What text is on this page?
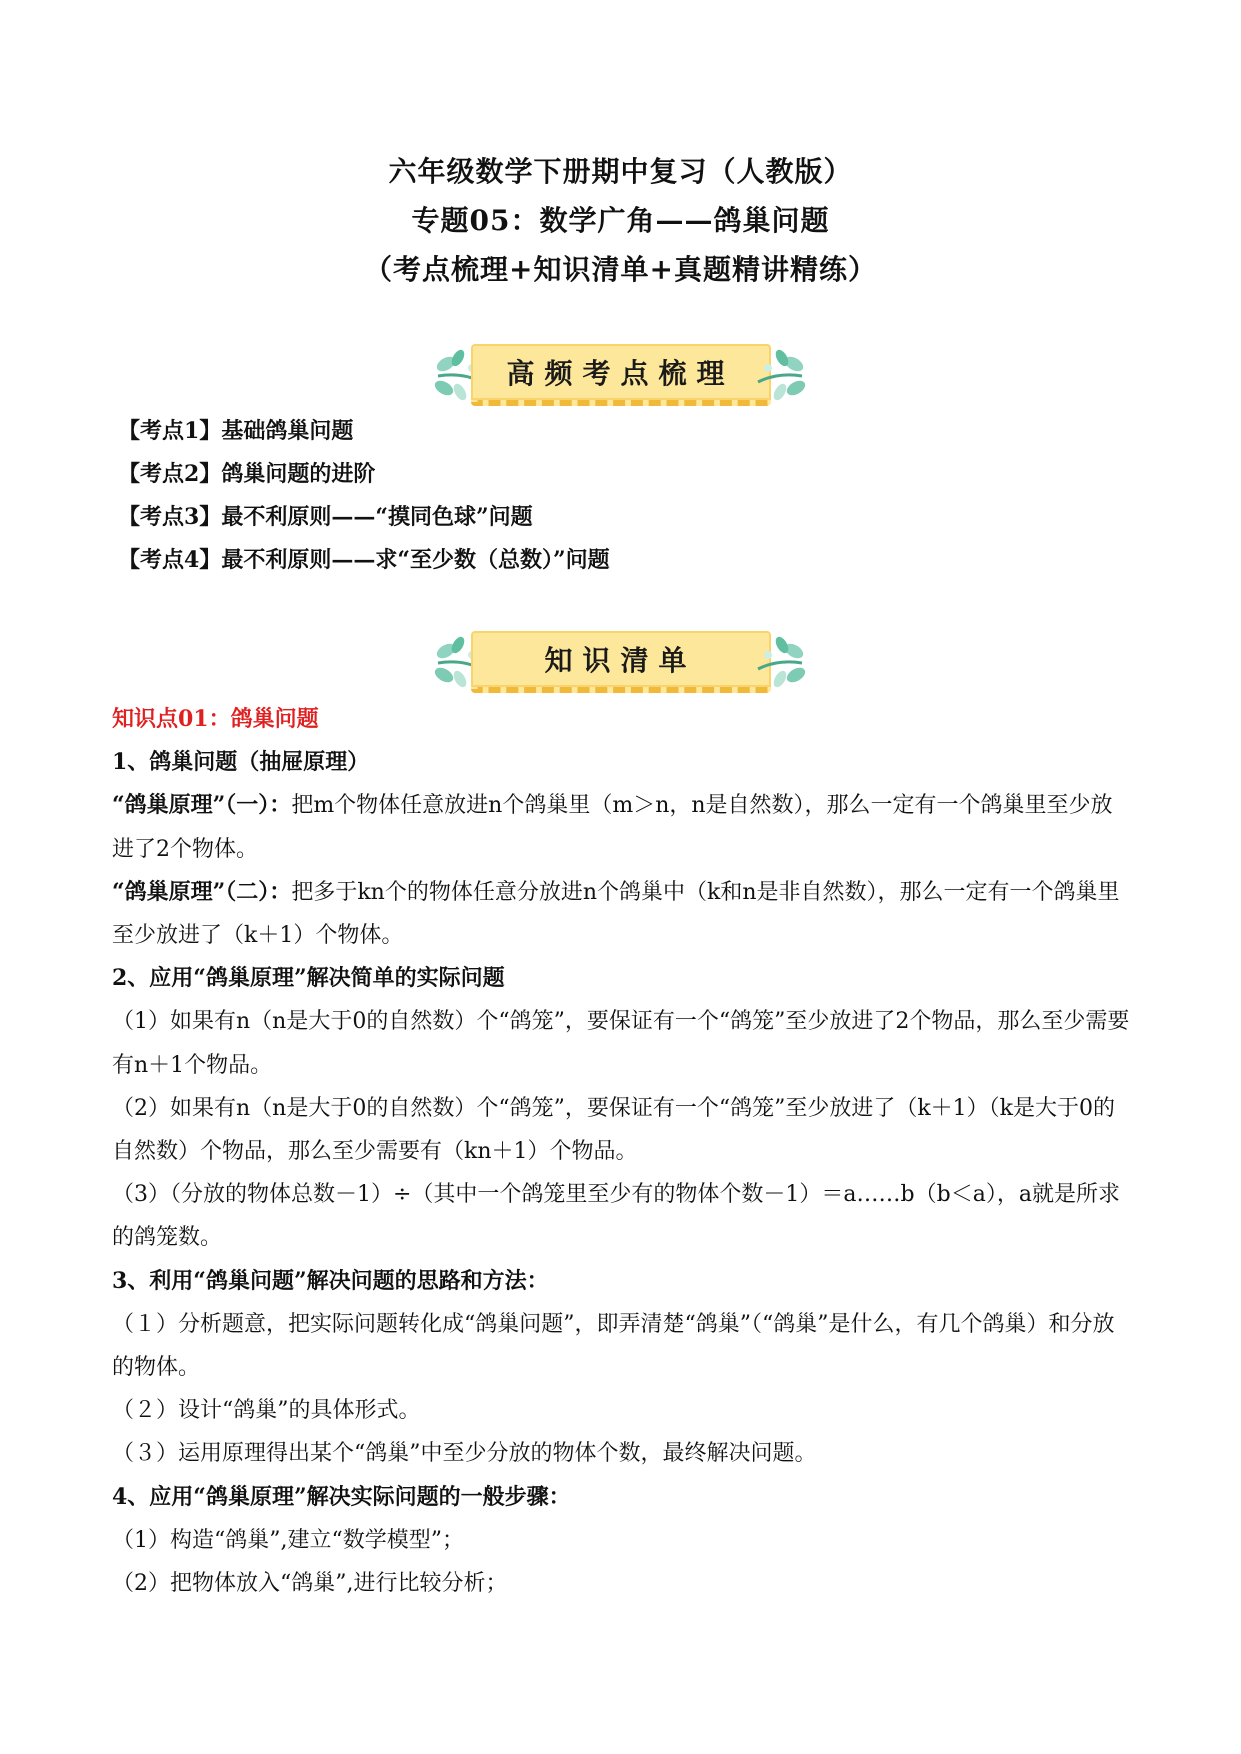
六年级数学下册期中复习（人教版）
专题05：数学广角——鸽巢问题
（考点梳理+知识清单+真题精讲精练）
高频考点梳理
【考点1】基础鸽巢问题
【考点2】鸽巢问题的进阶
【考点3】最不利原则——“摸同色球”问题
【考点4】最不利原则——求“至少数（总数）”问题
知识清单
知识点01：鸽巢问题
1、鸽巢问题（抽屉原理）
“鸽巢原理”（一）：把m个物体任意放进n个鸽巢里（m＞n，n是自然数），那么一定有一个鸽巢里至少放进了2个物体。
“鸽巢原理”（二）：把多于kn个的物体任意分放进n个鸽巢中（k和n是非自然数），那么一定有一个鸽巢里至少放进了（k＋1）个物体。
2、应用“鸽巢原理”解决简单的实际问题
（1）如果有n（n是大于0的自然数）个“鸽笼”，要保证有一个“鸽笼”至少放进了2个物品，那么至少需要有n＋1个物品。
（2）如果有n（n是大于0的自然数）个“鸽笼”，要保证有一个“鸽笼”至少放进了（k＋1）（k是大于0的自然数）个物品，那么至少需要有（kn＋1）个物品。
（3）（分放的物体总数－1）÷（其中一个鸽笼里至少有的物体个数－1）＝a……b（b＜a），a就是所求的鸽笼数。
3、利用“鸽巢问题”解决问题的思路和方法：
（１）分析题意，把实际问题转化成“鸽巢问题”，即弄清楚“鸽巢”（“鸽巢”是什么，有几个鸽巢）和分放的物体。
（２）设计“鸽巢”的具体形式。
（３）运用原理得出某个“鸽巢”中至少分放的物体个数，最终解决问题。
4、应用“鸽巢原理”解决实际问题的一般步骤：
（1）构造“鸽巢”,建立“数学模型”；
（2）把物体放入“鸽巢”,进行比较分析；
